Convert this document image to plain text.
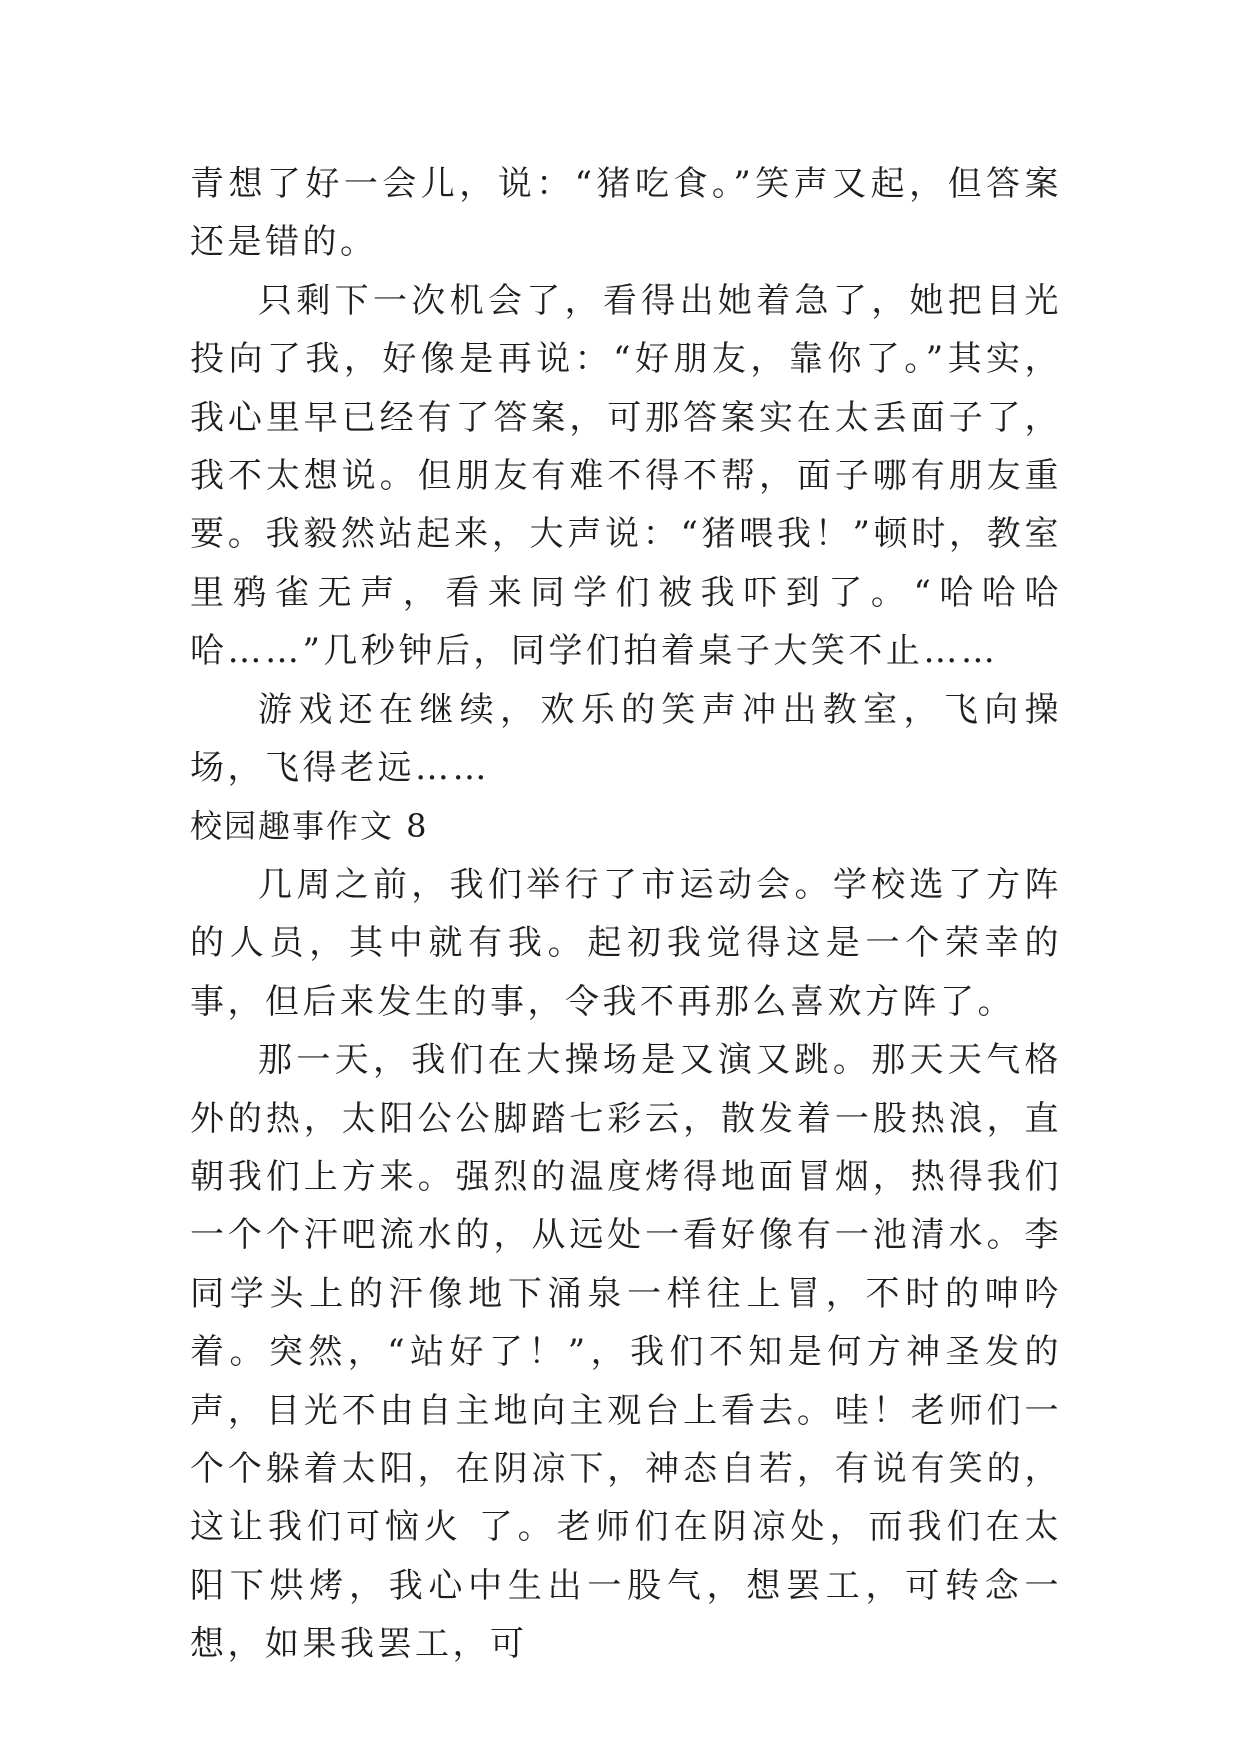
青想了好一会儿，说：“猪吃食。”笑声又起，但答案还是错的。

只剩下一次机会了，看得出她着急了，她把目光投向了我，好像是再说：“好朋友，靠你了。”其实，我心里早已经有了答案，可那答案实在太丢面子了，我不太想说。但朋友有难不得不帮，面子哪有朋友重要。我毅然站起来，大声说：“猪喂我！”顿时，教室里鸦雀无声，看来同学们被我吓到了。“哈哈哈哈……”几秒钟后，同学们拍着桌子大笑不止……

游戏还在继续，欢乐的笑声冲出教室，飞向操场，飞得老远……

校园趣事作文 8

几周之前，我们举行了市运动会。学校选了方阵的人员，其中就有我。起初我觉得这是一个荣幸的事，但后来发生的事，令我不再那么喜欢方阵了。

那一天，我们在大操场是又演又跳。那天天气格外的热，太阳公公脚踏七彩云，散发着一股热浪，直朝我们上方来。强烈的温度烤得地面冒烟，热得我们一个个汗吧流水的，从远处一看好像有一池清水。李同学头上的汗像地下涌泉一样往上冒，不时的呻吟着。突然，“站好了！”，我们不知是何方神圣发的声，目光不由自主地向主观台上看去。哇！老师们一个个躲着太阳，在阴凉下，神态自若，有说有笑的，这让我们可恼火 了。老师们在阴凉处，而我们在太阳下烘烤，我心中生出一股气，想罢工，可转念一想，如果我罢工，可
